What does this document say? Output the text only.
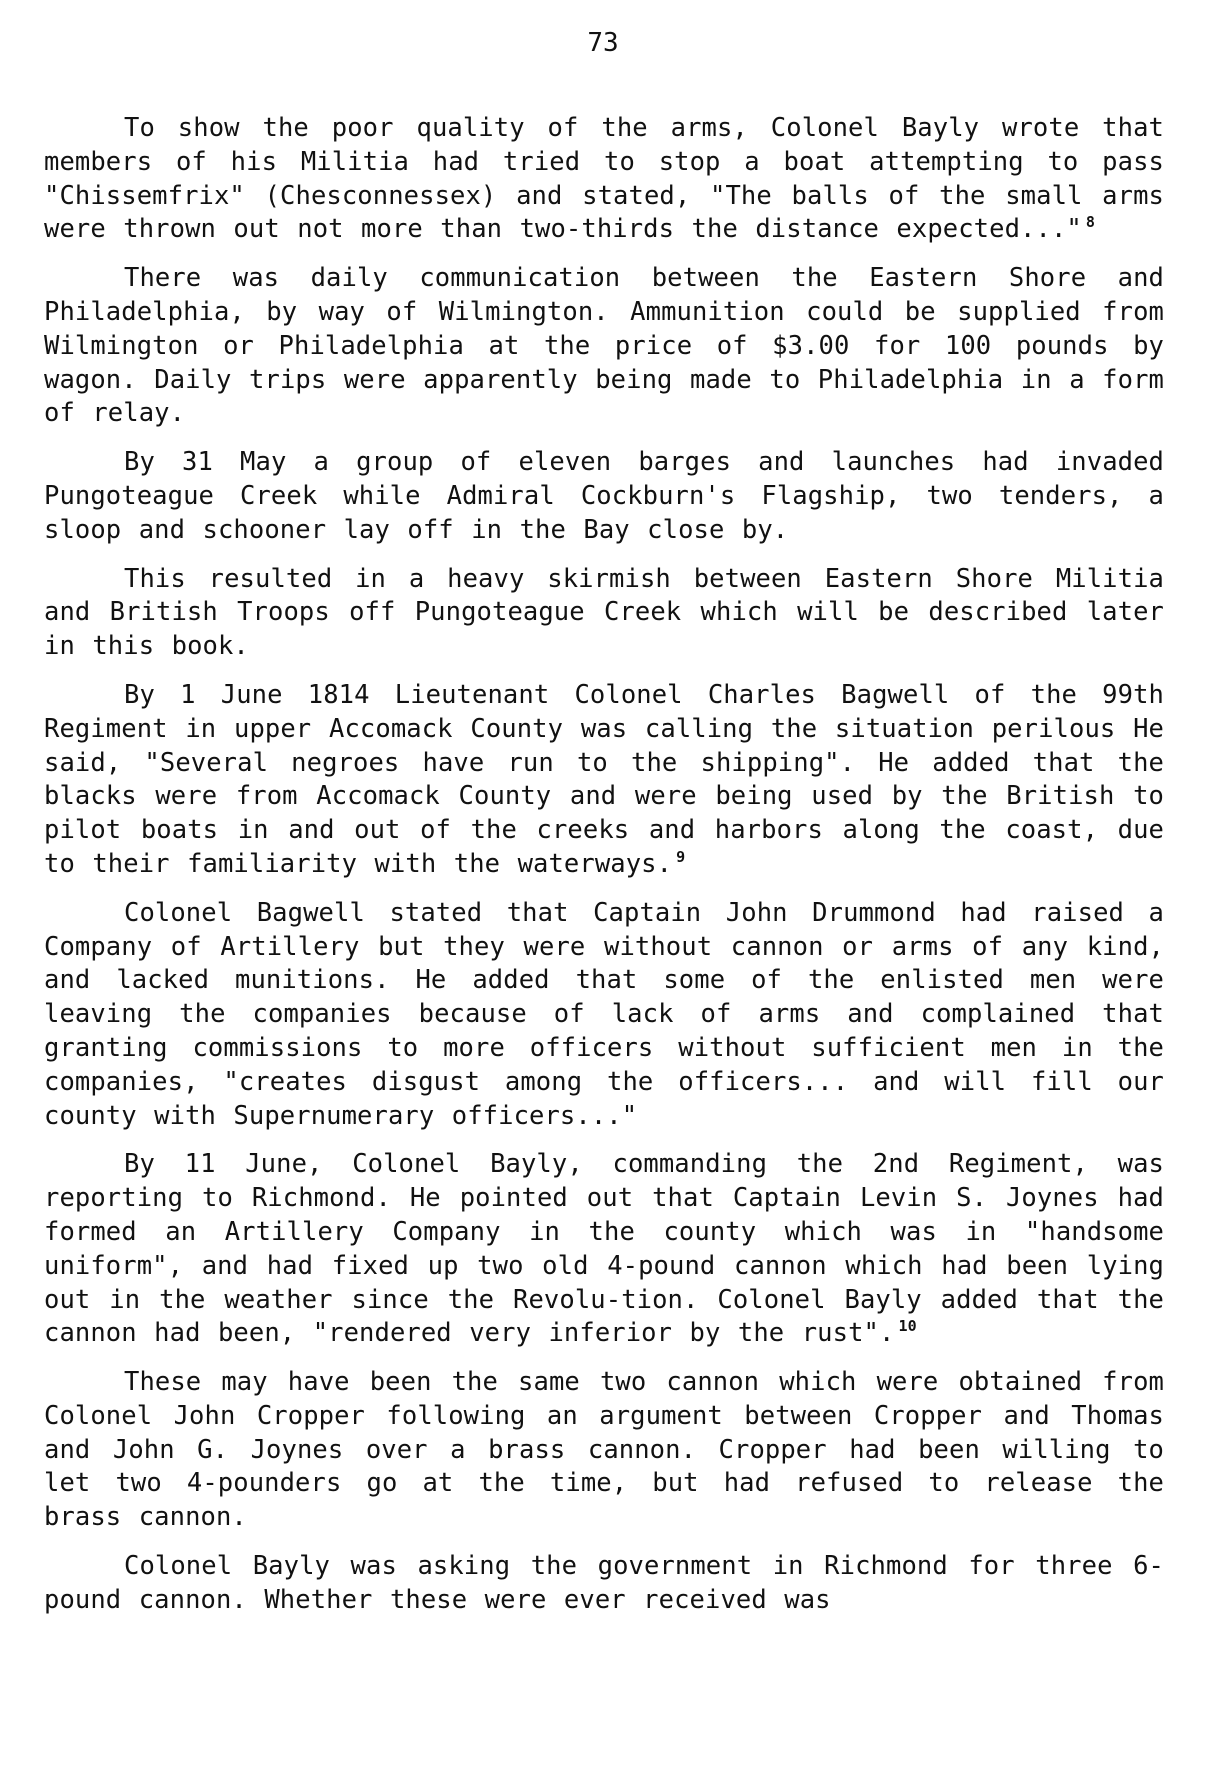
73

To show the poor quality of the arms, Colonel Bayly wrote that members of his Militia had tried to stop a boat attempting to pass "Chissemfrix" (Chesconnessex) and stated, "The balls of the small arms were thrown out not more than two-thirds the distance expected..." $^8$

There was daily communication between the Eastern Shore and Philadelphia, by way of Wilmington. Ammunition could be supplied from Wilmington or Philadelphia at the price of $3.00 for 100 pounds by wagon. Daily trips were apparently being made to Philadelphia in a form of relay.

By 31 May a group of eleven barges and launches had invaded Pungoteague Creek while Admiral Cockburn's Flagship, two tenders, a sloop and schooner lay off in the Bay close by.

This resulted in a heavy skirmish between Eastern Shore Militia and British Troops off Pungoteague Creek which will be described later in this book.

By 1 June 1814 Lieutenant Colonel Charles Bagwell of the 99th Regiment in upper Accomack County was calling the situation perilous He said, "Several negroes have run to the shipping". He added that the blacks were from Accomack County and were being used by the British to pilot boats in and out of the creeks and harbors along the coast, due to their familiarity with the waterways. $^9$

Colonel Bagwell stated that Captain John Drummond had raised a Company of Artillery but they were without cannon or arms of any kind, and lacked munitions. He added that some of the enlisted men were leaving the companies because of lack of arms and complained that granting commissions to more officers without sufficient men in the companies, "creates disgust among the officers... and will fill our county with Supernumerary officers..."

By 11 June, Colonel Bayly, commanding the 2nd Regiment, was reporting to Richmond. He pointed out that Captain Levin S. Joynes had formed an Artillery Company in the county which was in "handsome uniform", and had fixed up two old 4-pound cannon which had been lying out in the weather since the Revolu-tion. Colonel Bayly added that the cannon had been, "rendered very inferior by the rust". $^{10}$

These may have been the same two cannon which were obtained from Colonel John Cropper following an argument between Cropper and Thomas and John G. Joynes over a brass cannon. Cropper had been willing to let two 4-pounders go at the time, but had refused to release the brass cannon.

Colonel Bayly was asking the government in Richmond for three 6-pound cannon. Whether these were ever received was
